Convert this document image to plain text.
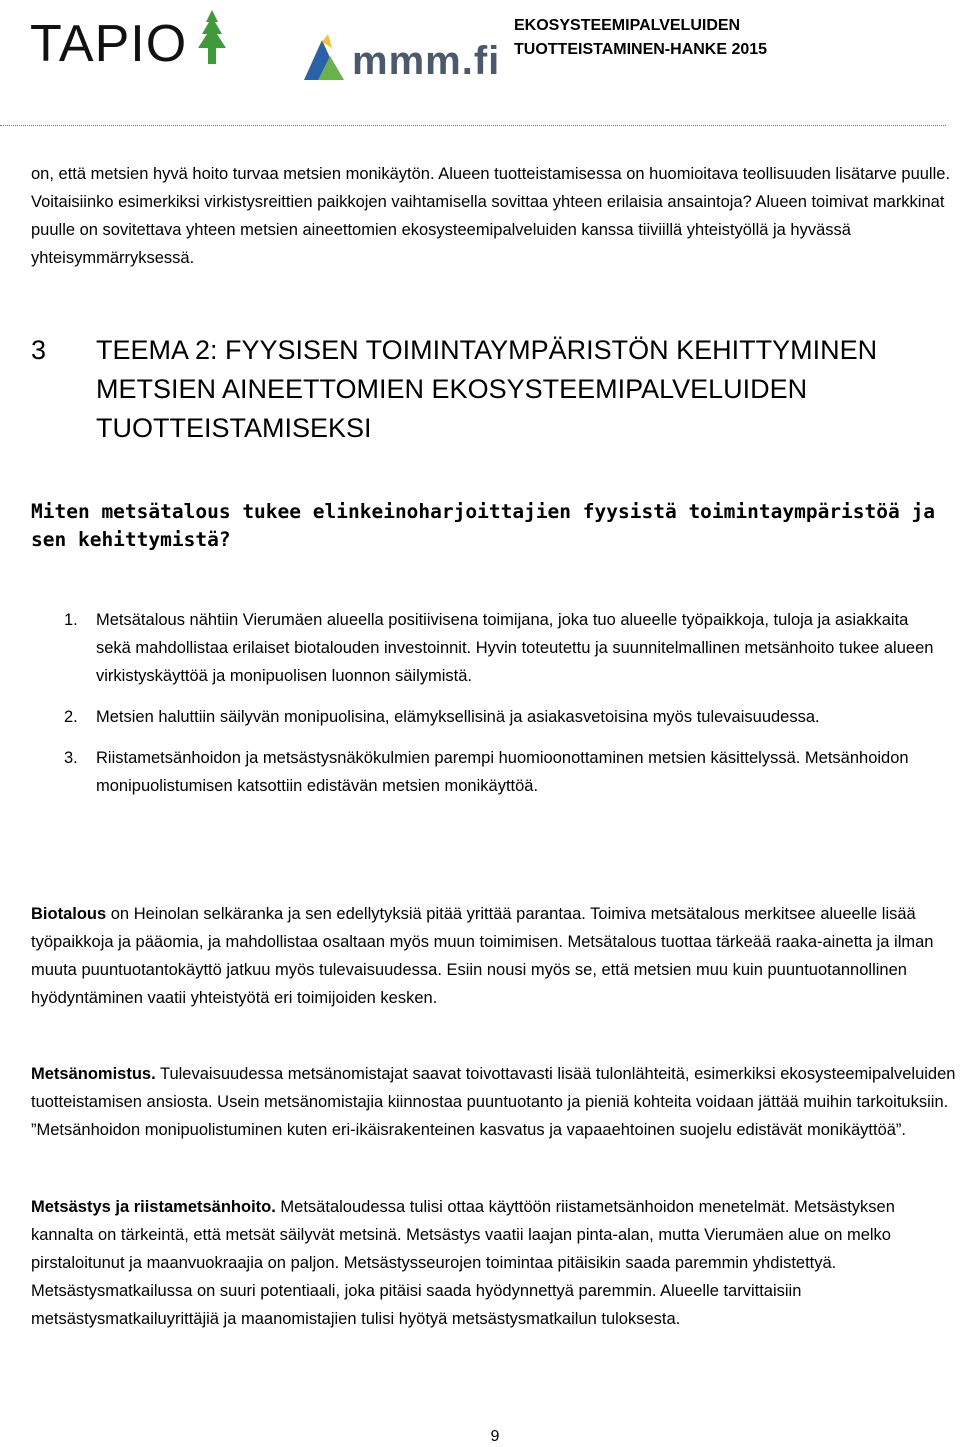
TAPIO	mmm.fi
EKOSYSTEEMIPALVELUIDEN
TUOTTEISTAMINEN-HANKE 2015

on, että metsien hyvä hoito turvaa metsien monikäytön. Alueen tuotteistamisessa on huomioitava teollisuuden lisätarve puulle. Voitaisiinko esimerkiksi virkistysreittien paikkojen vaihtamisella sovittaa yhteen erilaisia ansaintoja? Alueen toimivat markkinat puulle on sovitettava yhteen metsien aineettomien ekosysteemipalveluiden kanssa tiiviillä yhteistyöllä ja hyvässä yhteisymmärryksessä.

3 TEEMA 2: FYYSISEN TOIMINTAYMPÄRISTÖN KEHITTYMINEN METSIEN AINEETTOMIEN EKOSYSTEEMIPALVELUIDEN TUOTTEISTAMISEKSI
Miten metsätalous tukee elinkeinoharjoittajien fyysistä toimintaympäristöä ja sen kehittymistä?
1. Metsätalous nähtiin Vierumäen alueella positiivisena toimijana, joka tuo alueelle työpaikkoja, tuloja ja asiakkaita sekä mahdollistaa erilaiset biotalouden investoinnit. Hyvin toteutettu ja suunnitelmallinen metsänhoito tukee alueen virkistyskäyttöä ja monipuolisen luonnon säilymistä.
2. Metsien haluttiin säilyvän monipuolisina, elämyksellisinä ja asiakasvetoisina myös tulevaisuudessa.
3. Riistametsänhoidon ja metsästysnäkökulmien parempi huomioonottaminen metsien käsittelyssä. Metsänhoidon monipuolistumisen katsottiin edistävän metsien monikäyttöä.

Biotalous on Heinolan selkäranka ja sen edellytyksiä pitää yrittää parantaa. Toimiva metsätalous merkitsee alueelle lisää työpaikkoja ja pääomia, ja mahdollistaa osaltaan myös muun toimimisen. Metsätalous tuottaa tärkeää raaka-ainetta ja ilman muuta puuntuotantokäyttö jatkuu myös tulevaisuudessa. Esiin nousi myös se, että metsien muu kuin puuntuotannollinen hyödyntäminen vaatii yhteistyötä eri toimijoiden kesken.

Metsänomistus. Tulevaisuudessa metsänomistajat saavat toivottavasti lisää tulonlähteitä, esimerkiksi ekosysteemipalveluiden tuotteistamisen ansiosta. Usein metsänomistajia kiinnostaa puuntuotanto ja pieniä kohteita voidaan jättää muihin tarkoituksiin. ”Metsänhoidon monipuolistuminen kuten eri-ikäisrakenteinen kasvatus ja vapaaehtoinen suojelu edistävät monikäyttöä”.

Metsästys ja riistametsänhoito. Metsätaloudessa tulisi ottaa käyttöön riistametsänhoidon menetelmät. Metsästyksen kannalta on tärkeintä, että metsät säilyvät metsinä. Metsästys vaatii laajan pinta-alan, mutta Vierumäen alue on melko pirstaloitunut ja maanvuokraajia on paljon. Metsästysseurojen toimintaa pitäisikin saada paremmin yhdistettyä. Metsästysmatkailussa on suuri potentiaali, joka pitäisi saada hyödynnettyä paremmin. Alueelle tarvittaisiin metsästysmatkailuyrittäjiä ja maanomistajien tulisi hyötyä metsästysmatkailun tuloksesta.

9
